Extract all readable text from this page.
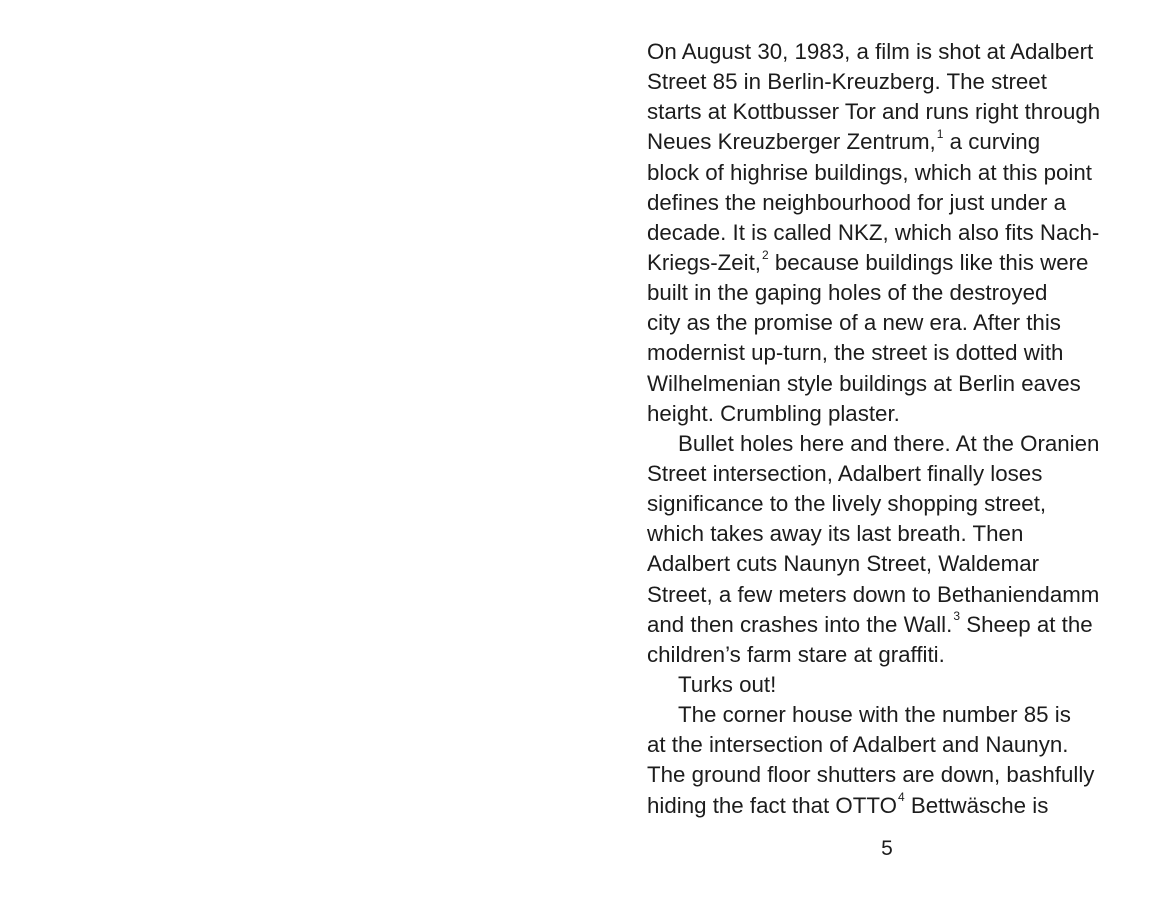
On August 30, 1983, a film is shot at Adalbert
Street 85 in Berlin-Kreuzberg. The street
starts at Kottbusser Tor and runs right through
Neues Kreuzberger Zentrum,$^1$ a curving
block of highrise buildings, which at this point
defines the neighbourhood for just under a
decade. It is called NKZ, which also fits Nach-
Kriegs-Zeit,$^2$ because buildings like this were
built in the gaping holes of the destroyed
city as the promise of a new era. After this
modernist up-turn, the street is dotted with
Wilhelmenian style buildings at Berlin eaves
height. Crumbling plaster.
Bullet holes here and there. At the Oranien
Street intersection, Adalbert finally loses
significance to the lively shopping street,
which takes away its last breath. Then
Adalbert cuts Naunyn Street, Waldemar
Street, a few meters down to Bethaniendamm
and then crashes into the Wall.$^3$ Sheep at the
children’s farm stare at graffiti.
Turks out!
The corner house with the number 85 is
at the intersection of Adalbert and Naunyn.
The ground floor shutters are down, bashfully
hiding the fact that OTTO$^4$ Bettwäsche is
5
